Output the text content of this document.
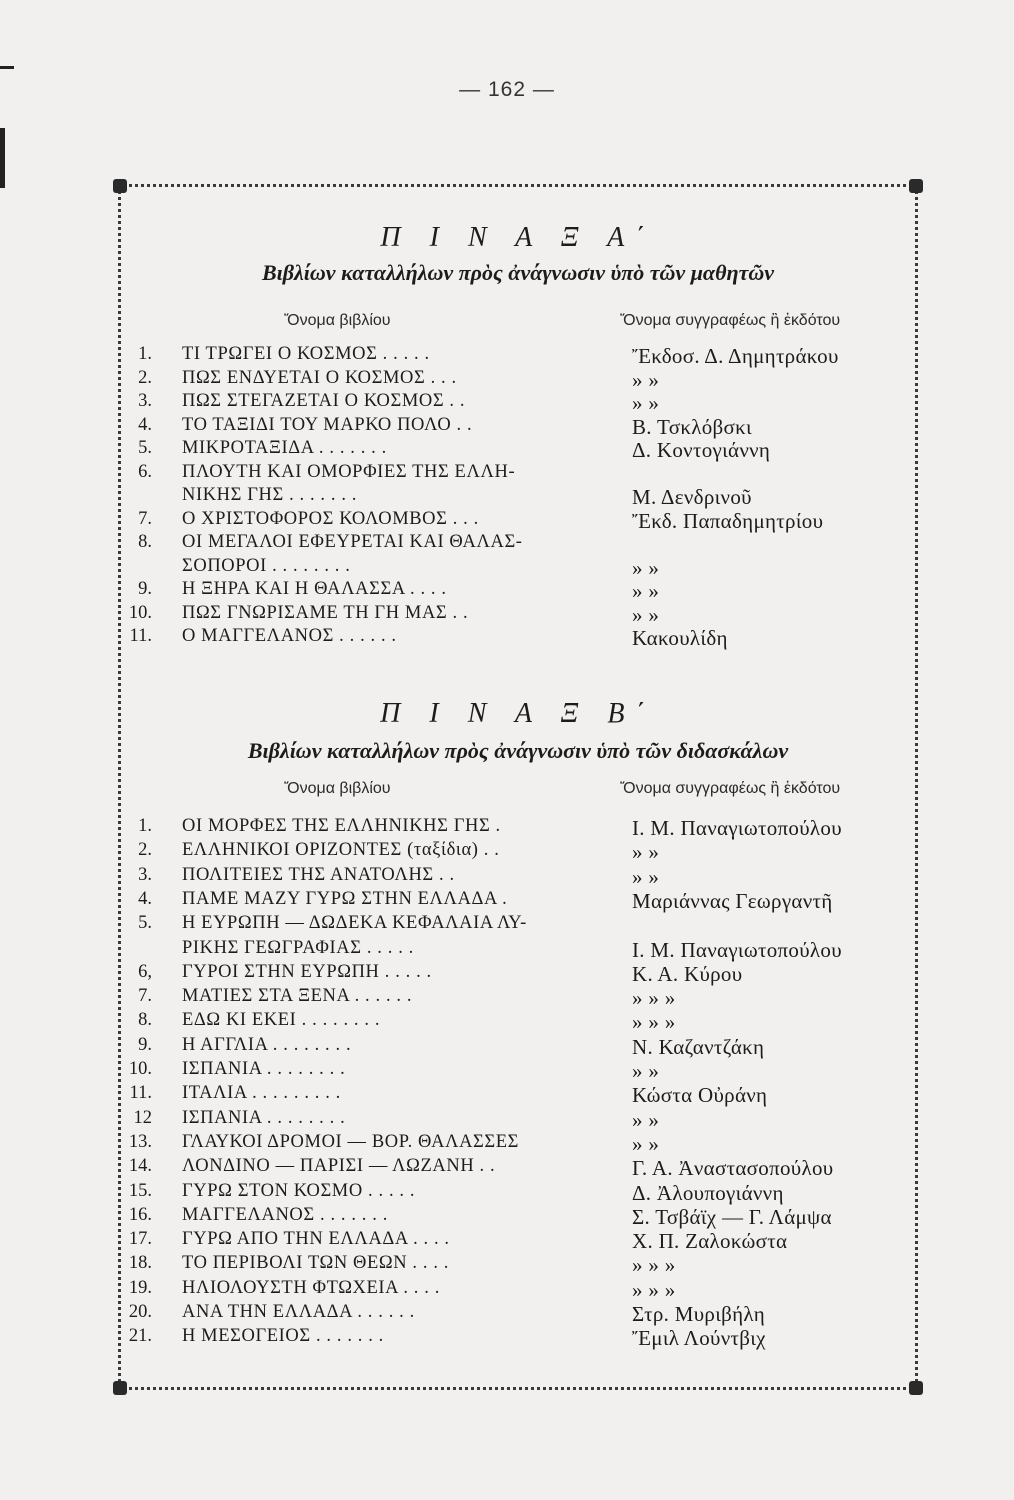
— 162 —
Π Ι Ν Α Ξ Α΄
Βιβλίων καταλλήλων πρὸς ἀνάγνωσιν ὑπὸ τῶν μαθητῶν
Ὄνομα βιβλίου	Ὄνομα συγγραφέως ἢ ἐκδότου
1. ΤΙ ΤΡΩΓΕΙ Ο ΚΟΣΜΟΣ . . . . .	Ἔκδοσ. Δ. Δημητράκου
2. ΠΩΣ ΕΝΔΥΕΤΑΙ Ο ΚΟΣΜΟΣ . . .	» »
3. ΠΩΣ ΣΤΕΓΑΖΕΤΑΙ Ο ΚΟΣΜΟΣ . .	» »
4. ΤΟ ΤΑΞΙΔΙ ΤΟΥ ΜΑΡΚΟ ΠΟΛΟ . .	Β. Τσκλόβσκι
5. ΜΙΚΡΟΤΑΞΙΔΑ . . . . . . .	Δ. Κοντογιάννη
6. ΠΛΟΥΤΗ ΚΑΙ ΟΜΟΡΦΙΕΣ ΤΗΣ ΕΛΛΗ-
ΝΙΚΗΣ ΓΗΣ . . . . . . .	Μ. Δενδρινοῦ
7. Ο ΧΡΙΣΤΟΦΟΡΟΣ ΚΟΛΟΜΒΟΣ . . .	Ἔκδ. Παπαδημητρίου
8. ΟΙ ΜΕΓΑΛΟΙ ΕΦΕΥΡΕΤΑΙ ΚΑΙ ΘΑΛΑΣ-
ΣΟΠΟΡΟΙ . . . . . . . .	» »
9. Η ΞΗΡΑ ΚΑΙ Η ΘΑΛΑΣΣΑ . . . .	» »
10. ΠΩΣ ΓΝΩΡΙΣΑΜΕ ΤΗ ΓΗ ΜΑΣ . .	» »
11. Ο ΜΑΓΓΕΛΑΝΟΣ . . . . . .	Κακουλίδη
Π Ι Ν Α Ξ Β΄
Βιβλίων καταλλήλων πρὸς ἀνάγνωσιν ὑπὸ τῶν διδασκάλων
Ὄνομα βιβλίου	Ὄνομα συγγραφέως ἢ ἐκδότου
1. ΟΙ ΜΟΡΦΕΣ ΤΗΣ ΕΛΛΗΝΙΚΗΣ ΓΗΣ .	Ι. Μ. Παναγιωτοπούλου
2. ΕΛΛΗΝΙΚΟΙ ΟΡΙΖΟΝΤΕΣ (ταξίδια) . .	» »
3. ΠΟΛΙΤΕΙΕΣ ΤΗΣ ΑΝΑΤΟΛΗΣ . .	» »
4. ΠΑΜΕ ΜΑΖΥ ΓΥΡΩ ΣΤΗΝ ΕΛΛΑΔΑ .	Μαριάννας Γεωργαντῆ
5. Η ΕΥΡΩΠΗ — ΔΩΔΕΚΑ ΚΕΦΑΛΑΙΑ ΛΥ-
ΡΙΚΗΣ ΓΕΩΓΡΑΦΙΑΣ . . . . .	Ι. Μ. Παναγιωτοπούλου
6, ΓΥΡΟΙ ΣΤΗΝ ΕΥΡΩΠΗ . . . . .	Κ. Α. Κύρου
7. ΜΑΤΙΕΣ ΣΤΑ ΞΕΝΑ . . . . . .	» » »
8. ΕΔΩ ΚΙ ΕΚΕΙ . . . . . . . .	» » »
9. Η ΑΓΓΛΙΑ . . . . . . . .	Ν. Καζαντζάκη
10. ΙΣΠΑΝΙΑ . . . . . . . .	» »
11. ΙΤΑΛΙΑ . . . . . . . . .	Κώστα Οὐράνη
12 ΙΣΠΑΝΙΑ . . . . . . . .	» »
13. ΓΛΑΥΚΟΙ ΔΡΟΜΟΙ — ΒΟΡ. ΘΑΛΑΣΣΕΣ	» »
14. ΛΟΝΔΙΝΟ — ΠΑΡΙΣΙ — ΛΩΖΑΝΗ . .	Γ. Α. Ἀναστασοπούλου
15. ΓΥΡΩ ΣΤΟΝ ΚΟΣΜΟ . . . . .	Δ. Ἀλουπογιάννη
16. ΜΑΓΓΕΛΑΝΟΣ . . . . . . .	Σ. Τσβάϊχ — Γ. Λάμψα
17. ΓΥΡΩ ΑΠΟ ΤΗΝ ΕΛΛΑΔΑ . . . .	Χ. Π. Ζαλοκώστα
18. ΤΟ ΠΕΡΙΒΟΛΙ ΤΩΝ ΘΕΩΝ . . . .	» » »
19. ΗΛΙΟΛΟΥΣΤΗ ΦΤΩΧΕΙΑ . . . .	» » »
20. ΑΝΑ ΤΗΝ ΕΛΛΑΔΑ . . . . . .	Στρ. Μυριβήλη
21. Η ΜΕΣΟΓΕΙΟΣ . . . . . . .	Ἔμιλ Λούντβιχ
